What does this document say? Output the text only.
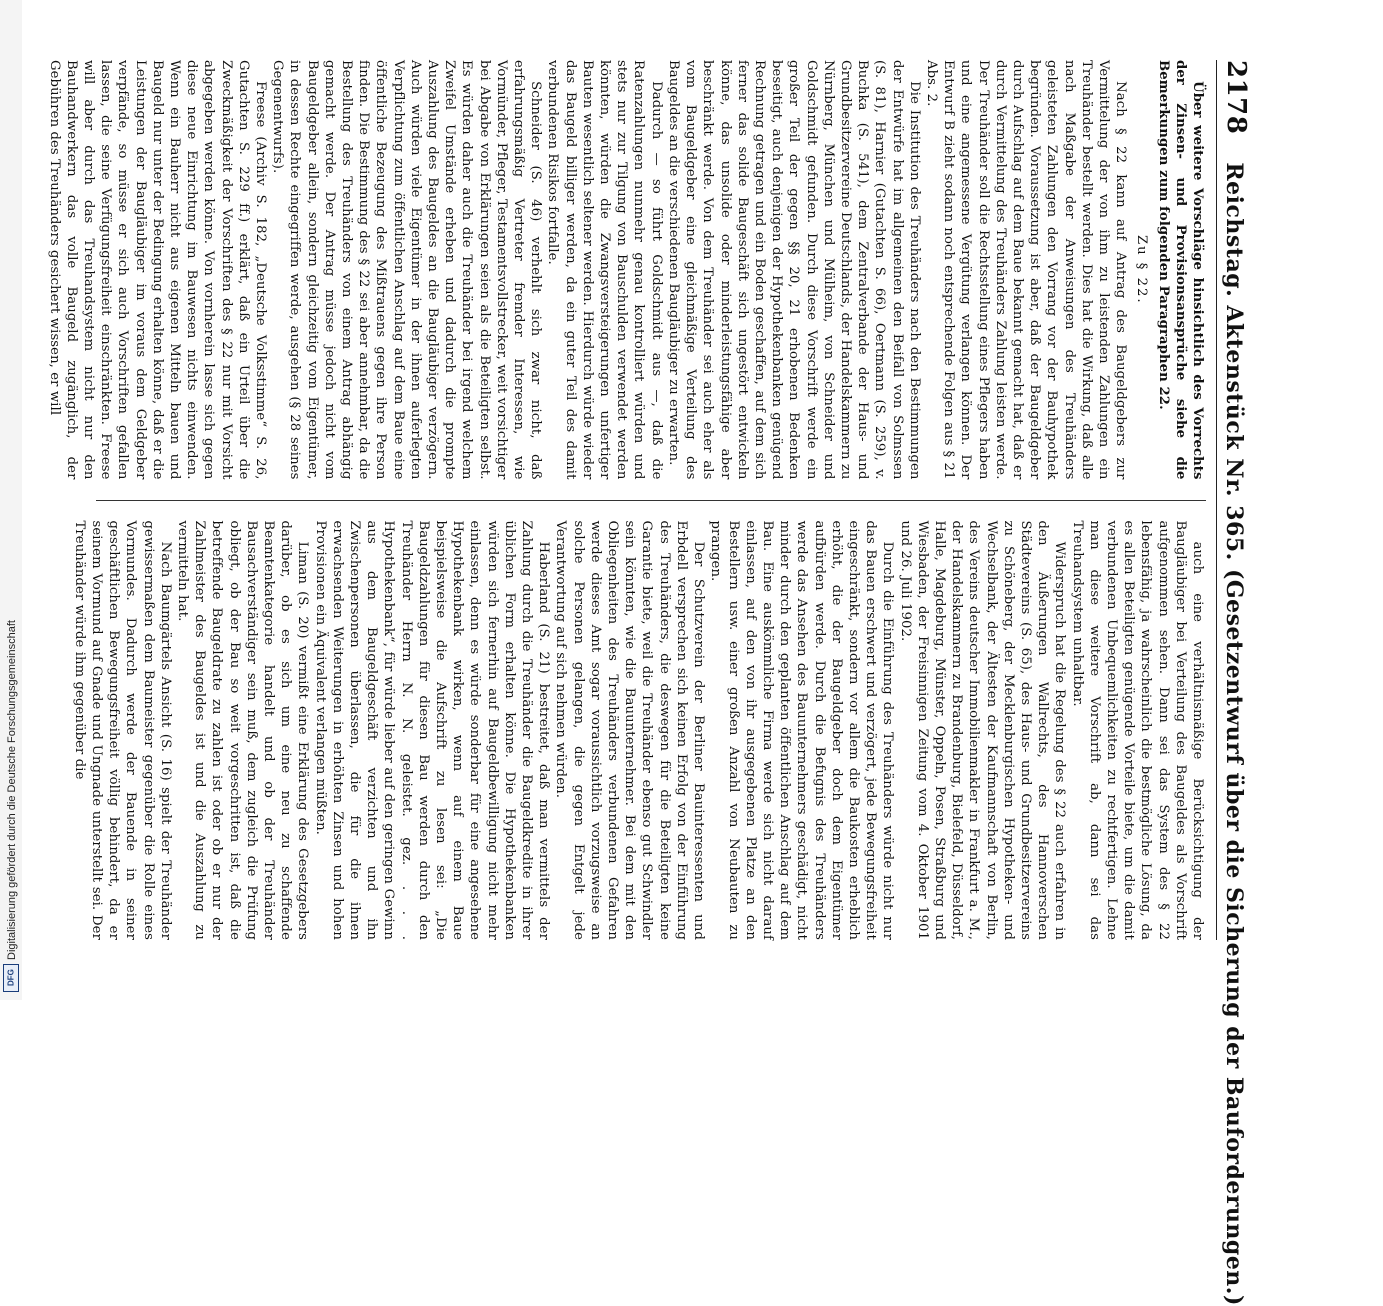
Digitalisierung gefördert durch die Deutsche Forschungsgemeinschaft
DFG
2178
Reichstag. Aktenstück Nr. 365. (Gesetzentwurf über die Sicherung der Bauforderungen.)

Über weitere Vorschläge hinsichtlich des Vorrechts der Zinsen- und Provisionsansprüche siehe die Bemerkungen zum folgenden Paragraphen 22.

Zu § 22.

Nach § 22 kann auf Antrag des Baugeldgebers zur Vermittelung der von ihm zu leistenden Zahlungen ein Treuhänder bestellt werden. Dies hat die Wirkung, daß alle nach Maßgabe der Anweisungen des Treuhänders geleisteten Zahlungen den Vorrang vor der Bauhypothek begründen. Voraussetzung ist aber, daß der Baugeldgeber durch Aufschlag auf dem Baue bekannt gemacht hat, daß er durch Vermittelung des Treuhänders Zahlung leisten werde. Der Treuhänder soll die Rechtsstellung eines Pflegers haben und eine angemessene Vergütung verlangen können. Der Entwurf B zieht sodann noch entsprechende Folgen aus § 21 Abs. 2.

Die Institution des Treuhänders nach den Bestimmungen der Entwürfe hat im allgemeinen den Beifall von Solmssen (S. 81), Harnier (Gutachten S. 66), Oertmann (S. 259), v. Buchka (S. 541), dem Zentralverbande der Haus- und Grundbesitzervereine Deutschlands, der Handelskammern zu Nürnberg, München und Mülheim, von Schneider und Goldschmidt gefunden. Durch diese Vorschrift werde ein großer Teil der gegen §§ 20, 21 erhobenen Bedenken beseitigt, auch denjenigen der Hypothekenbanken genügend Rechnung getragen und ein Boden geschaffen, auf dem sich ferner das solide Baugeschäft sich ungestört entwickeln könne, das unsolide oder minderleistungsfähige aber beschränkt werde. Von dem Treuhänder sei auch eher als vom Baugeldgeber eine gleichmäßige Verteilung des Baugeldes an die verschiedenen Baugläubiger zu erwarten.

Dadurch — so führt Goldschmidt aus —, daß die Ratenzahlungen nunmehr genau kontrolliert würden und stets nur zur Tilgung von Bauschulden verwendet werden könnten, würden die Zwangsversteigerungen unfertiger Bauten wesentlich seltener werden. Hierdurch würde wieder das Baugeld billiger werden, da ein guter Teil des damit verbundenen Risikos fortfalle.

Schneider (S. 46) verhehlt sich zwar nicht, daß erfahrungsmäßig Vertreter fremder Interessen, wie Vormünder, Pfleger, Testamentsvollstrecker, weit vorsichtiger bei Abgabe von Erklärungen seien als die Beteiligten selbst. Es würden daher auch die Treuhänder bei irgend welchem Zweifel Umstände erheben und dadurch die prompte Auszahlung des Baugeldes an die Baugläubiger verzögern. Auch würden viele Eigentümer in der ihnen auferlegten Verpflichtung zum öffentlichen Anschlag auf dem Baue eine öffentliche Bezeugung des Mißtrauens gegen ihre Person finden. Die Bestimmung des § 22 sei aber annehmbar, da die Bestellung des Treuhänders von einem Antrag abhängig gemacht werde. Der Antrag müsse jedoch nicht vom Baugeldgeber allein, sondern gleichzeitig vom Eigentümer, in dessen Rechte eingegriffen werde, ausgehen (§ 28 seines Gegenentwurfs).

Freese (Archiv S. 182, „Deutsche Volksstimme“ S. 26, Gutachten S. 229 ff.) erklärt, daß ein Urteil über die Zweckmäßigkeit der Vorschriften des § 22 nur mit Vorsicht abgegeben werden könne. Von vornherein lasse sich gegen diese neue Einrichtung im Bauwesen nichts einwenden. Wenn ein Bauherr nicht aus eigenen Mitteln bauen und Baugeld nur unter der Bedingung erhalten könne, daß er die Leistungen der Baugläubiger im voraus dem Geldgeber verpfände, so müsse er sich auch Vorschriften gefallen lassen, die seine Verfügungsfreiheit einschränkten. Freese will aber durch das Treuhandsystem nicht nur den Bauhandwerkern das volle Baugeld zugänglich, der Gebühren des Treuhänders gesichert wissen, er will

auch eine verhältnismäßige Berücksichtigung der Baugläubiger bei Verteilung des Baugeldes als Vorschrift aufgenommen sehen. Dann sei das System des § 22 lebensfähig, ja wahrscheinlich die bestmögliche Lösung, da es allen Beteiligten genügende Vorteile biete, um die damit verbundenen Unbequemlichkeiten zu rechtfertigen. Lehne man diese weitere Vorschrift ab, dann sei das Treuhandsystem unhaltbar.

Widerspruch hat die Regelung des § 22 auch erfahren in den Äußerungen Wallrechts, des Hannoverschen Städtevereins (S. 65), des Haus- und Grundbesitzervereins zu Schöneberg, der Mecklenburgischen Hypotheken- und Wechselbank, der Ältesten der Kaufmannschaft von Berlin, des Vereins deutscher Immobilienmakler in Frankfurt a. M., der Handelskammern zu Brandenburg, Bielefeld, Düsseldorf, Halle, Magdeburg, Münster, Oppeln, Posen, Straßburg und Wiesbaden, der Freisinnigen Zeitung vom 4. Oktober 1901 und 26. Juli 1902.

Durch die Einführung des Treuhänders würde nicht nur das Bauen erschwert und verzögert, jede Bewegungsfreiheit eingeschränkt, sondern vor allem die Baukosten erheblich erhöht, die der Baugeldgeber doch dem Eigentümer aufbürden werde. Durch die Befugnis des Treuhänders werde das Ansehen des Bauunternehmers geschädigt, nicht minder durch den geplanten öffentlichen Anschlag auf dem Bau. Eine auskömmliche Firma werde sich nicht darauf einlassen, auf den von ihr ausgegebenen Platze an den Bestellern usw. einer großen Anzahl von Neubauten zu prangen.

Der Schutzverein der Berliner Bauinteressenten und Erbdell versprechen sich keinen Erfolg von der Einführung des Treuhänders, die deswegen für die Beteiligten keine Garantie biete, weil die Treuhänder ebenso gut Schwindler sein könnten, wie die Bauunternehmer. Bei dem mit den Obliegenheiten des Treuhänders verbundenen Gefahren werde dieses Amt sogar voraussichtlich vorzugsweise an solche Personen gelangen, die gegen Entgelt jede Verantwortung auf sich nehmen würden.

Haberland (S. 21) bestreitet, daß man vermittels der Zahlung durch die Treuhänder die Baugeldkredite in ihrer üblichen Form erhalten könne. Die Hypothekenbanken würden sich fernerhin auf Baugeldbewilligung nicht mehr einlassen, denn es würde sonderbar für eine angesehene Hypothekenbank wirken, wenn auf einem Baue beispielsweise die Aufschrift zu lesen sei: „Die Baugeldzahlungen für diesen Bau werden durch den Treuhänder Herrn N. N. geleistet. gez. . . . Hypothekenbank“, für würde lieber auf den geringen Gewinn aus dem Baugeldgeschäft verzichten und ihn Zwischenpersonen überlassen, die für die ihnen erwachsenden Weiterungen in erhöhten Zinsen und hohen Provisionen ein Äquivalent verlangen müßten.

Liman (S. 20) vermißt eine Erklärung des Gesetzgebers darüber, ob es sich um eine neu zu schaffende Beamtenkategorie handelt und ob der Treuhänder Bausachverständiger sein muß, dem zugleich die Prüfung obliegt, ob der Bau so weit vorgeschritten ist, daß die betreffende Baugeldrate zu zahlen ist oder ob er nur der Zahlmeister des Baugeldes ist und die Auszahlung zu vermitteln hat.

Nach Baumgärtels Ansicht (S. 16) spielt der Treuhänder gewissermaßen dem Baumeister gegenüber die Rolle eines Vormundes. Dadurch werde der Bauende in seiner geschäftlichen Bewegungsfreiheit völlig behindert, da er seinem Vormund auf Gnade und Ungnade unterstellt sei. Der Treuhänder würde ihm gegenüber die
